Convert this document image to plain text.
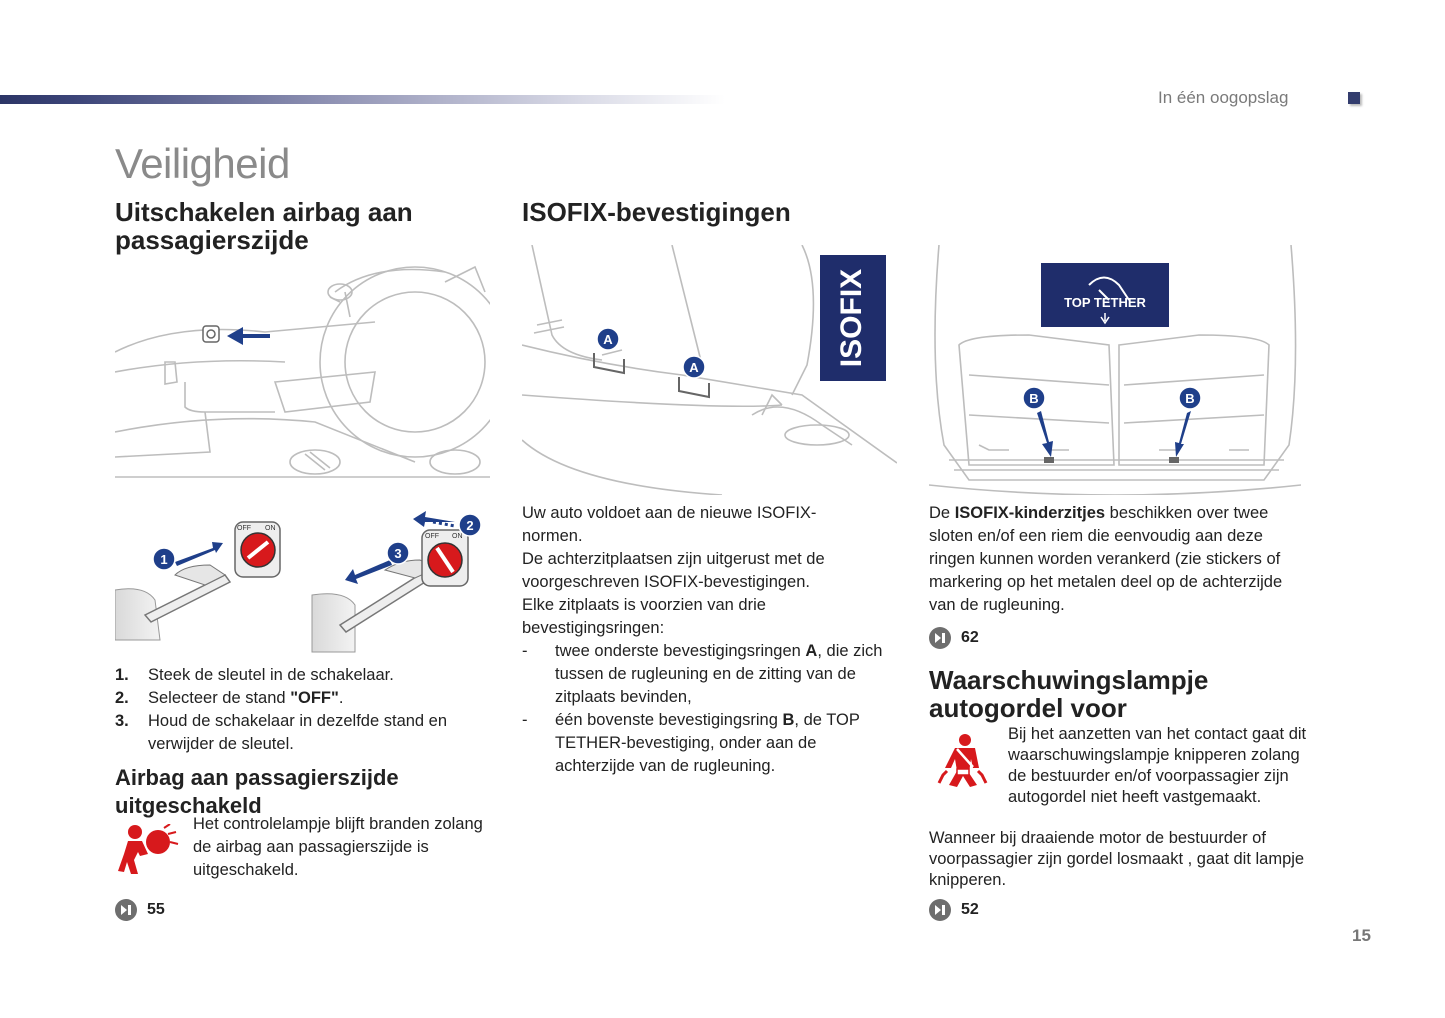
In één oogopslag
Veiligheid
Uitschakelen airbag aan passagierszijde
OFF ON
1
OFF ON
2
3
1. Steek de sleutel in de schakelaar.
2. Selecteer de stand "OFF".
3. Houd de schakelaar in dezelfde stand en verwijder de sleutel.
Airbag aan passagierszijde uitgeschakeld
Het controlelampje blijft branden zolang de airbag aan passagierszijde is uitgeschakeld.
55
ISOFIX-bevestigingen
A
A
ISOFIX
Uw auto voldoet aan de nieuwe ISOFIX-
normen.
De achterzitplaatsen zijn uitgerust met de
voorgeschreven ISOFIX-bevestigingen.
Elke zitplaats is voorzien van drie
bevestigingsringen:
- twee onderste bevestigingsringen A, die zich tussen de rugleuning en de zitting van de zitplaats bevinden,
- één bovenste bevestigingsring B, de TOP TETHER-bevestiging, onder aan de achterzijde van de rugleuning.
TOP TETHER
B	B
De ISOFIX-kinderzitjes beschikken over twee sloten en/of een riem die eenvoudig aan deze ringen kunnen worden verankerd (zie stickers of markering op het metalen deel op de achterzijde van de rugleuning.
62
Waarschuwingslampje autogordel voor
Bij het aanzetten van het contact gaat dit waarschuwingslampje knipperen zolang de bestuurder en/of voorpassagier zijn autogordel niet heeft vastgemaakt.
Wanneer bij draaiende motor de bestuurder of voorpassagier zijn gordel losmaakt , gaat dit lampje knipperen.
52
15
